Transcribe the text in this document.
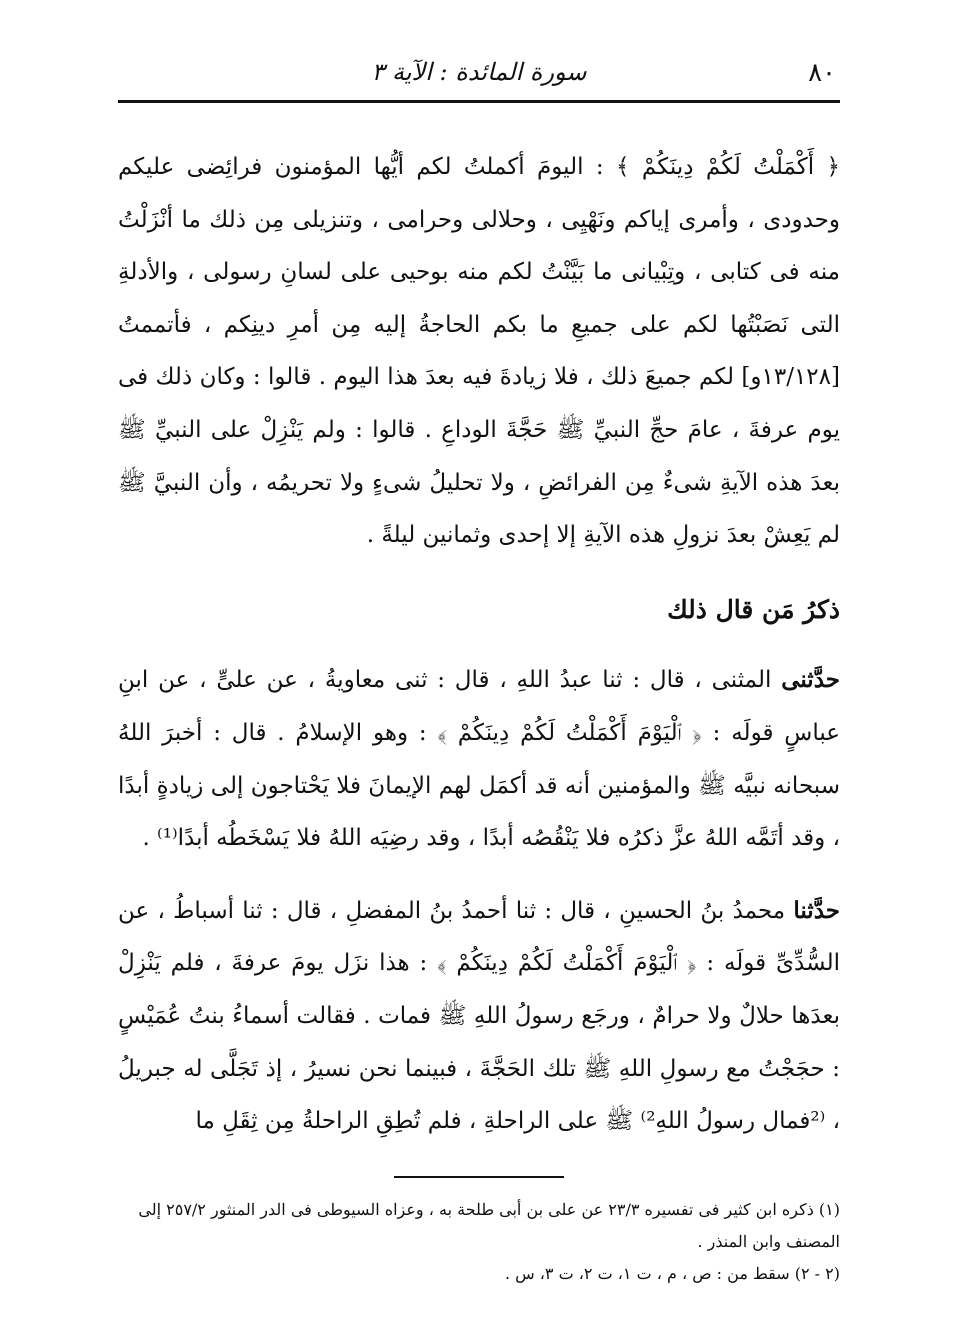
٨٠
سورة المائدة : الآية ٣

﴿ أَكْمَلْتُ لَكُمْ دِينَكُمْ ﴾ : اليومَ أكملتُ لكم أيُّها المؤمنون فرائِضى عليكم وحدودى ، وأمرى إياكم ونَهْيِى ، وحلالى وحرامى ، وتنزيلى مِن ذلك ما أنْزَلْتُ منه فى كتابى ، وتِبْيانى ما بَيَّنْتُ لكم منه بوحيى على لسانِ رسولى ، والأدلةِ التى نَصَبْتُها لكم على جميعِ ما بكم الحاجةُ إليه مِن أمرِ دينِكم ، فأتممتُ [١٣/١٢٨و] لكم جميعَ ذلك ، فلا زيادةَ فيه بعدَ هذا اليوم . قالوا : وكان ذلك فى يوم عرفةَ ، عامَ حجِّ النبيِّ ﷺ حَجَّةَ الوداعِ . قالوا : ولم يَنْزِلْ على النبيِّ ﷺ بعدَ هذه الآيةِ شىءٌ مِن الفرائضِ ، ولا تحليلُ شىءٍ ولا تحريمُه ، وأن النبيَّ ﷺ لم يَعِشْ بعدَ نزولِ هذه الآيةِ إلا إحدى وثمانين ليلةً .

ذكرُ مَن قال ذلك

حدَّثنى المثنى ، قال : ثنا عبدُ اللهِ ، قال : ثنى معاويةُ ، عن علىٍّ ، عن ابنِ عباسٍ قولَه : ﴿ ٱلْيَوْمَ أَكْمَلْتُ لَكُمْ دِينَكُمْ ﴾ : وهو الإسلامُ . قال : أخبرَ اللهُ سبحانه نبيَّه ﷺ والمؤمنين أنه قد أكمَل لهم الإيمانَ فلا يَحْتاجون إلى زيادةٍ أبدًا ، وقد أتَمَّه اللهُ عزَّ ذكرُه فلا يَنْقُصُه أبدًا ، وقد رضِيَه اللهُ فلا يَسْخَطُه أبدًا⁽¹⁾ .

حدَّثنا محمدُ بنُ الحسينِ ، قال : ثنا أحمدُ بنُ المفضلِ ، قال : ثنا أسباطُ ، عن السُّدِّىِّ قولَه : ﴿ ٱلْيَوْمَ أَكْمَلْتُ لَكُمْ دِينَكُمْ ﴾ : هذا نزَل يومَ عرفةَ ، فلم يَنْزِلْ بعدَها حلالٌ ولا حرامٌ ، ورجَع رسولُ اللهِ ﷺ فمات . فقالت أسماءُ بنتُ عُمَيْسٍ : حجَجْتُ مع رسولِ اللهِ ﷺ تلك الحَجَّةَ ، فبينما نحن نسيرُ ، إذ تَجَلَّى له جبريلُ ، ⁽²فمال رسولُ اللهِ²⁾ ﷺ على الراحلةِ ، فلم تُطِقِ الراحلةُ مِن ثِقَلِ ما

(١) ذكره ابن كثير فى تفسيره ٢٣/٣ عن على بن أبى طلحة به ، وعزاه السيوطى فى الدر المنثور ٢٥٧/٢ إلى المصنف وابن المنذر .

(٢ - ٢) سقط من : ص ، م ، ت ١، ت ٢، ت ٣، س .
